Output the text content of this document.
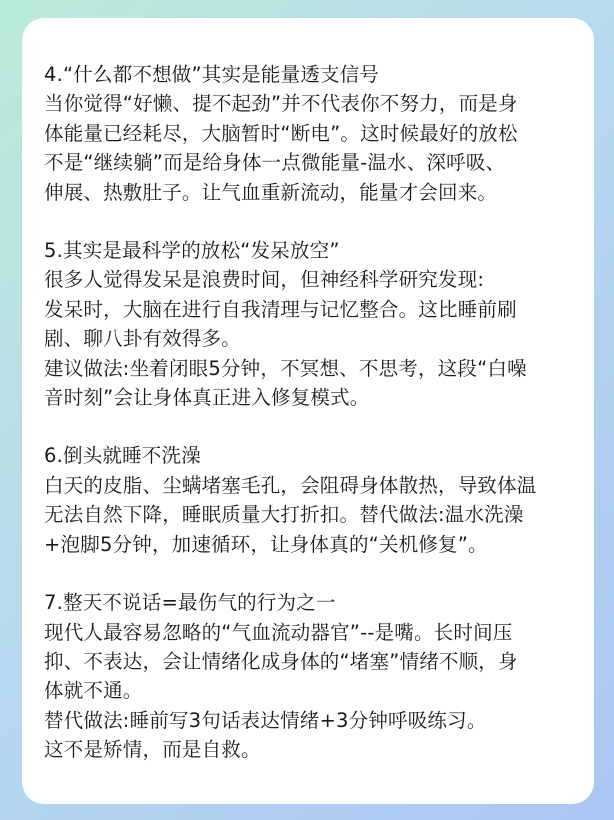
4.“什么都不想做”其实是能量透支信号
当你觉得“好懒、提不起劲”并不代表你不努力，而是身
体能量已经耗尽，大脑暂时“断电”。这时候最好的放松
不是“继续躺”而是给身体一点微能量-温水、深呼吸、
伸展、热敷肚子。让气血重新流动，能量才会回来。
5.其实是最科学的放松“发呆放空”
很多人觉得发呆是浪费时间，但神经科学研究发现:
发呆时，大脑在进行自我清理与记忆整合。这比睡前刷
剧、聊八卦有效得多。
建议做法:坐着闭眼5分钟，不冥想、不思考，这段“白噪
音时刻”会让身体真正进入修复模式。
6.倒头就睡不洗澡
白天的皮脂、尘螨堵塞毛孔，会阻碍身体散热，导致体温
无法自然下降，睡眠质量大打折扣。替代做法:温水洗澡
+泡脚5分钟，加速循环，让身体真的“关机修复”。
7.整天不说话=最伤气的行为之一
现代人最容易忽略的“气血流动器官”--是嘴。长时间压
抑、不表达，会让情绪化成身体的“堵塞”情绪不顺，身
体就不通。
替代做法:睡前写3句话表达情绪+3分钟呼吸练习。
这不是矫情，而是自救。
